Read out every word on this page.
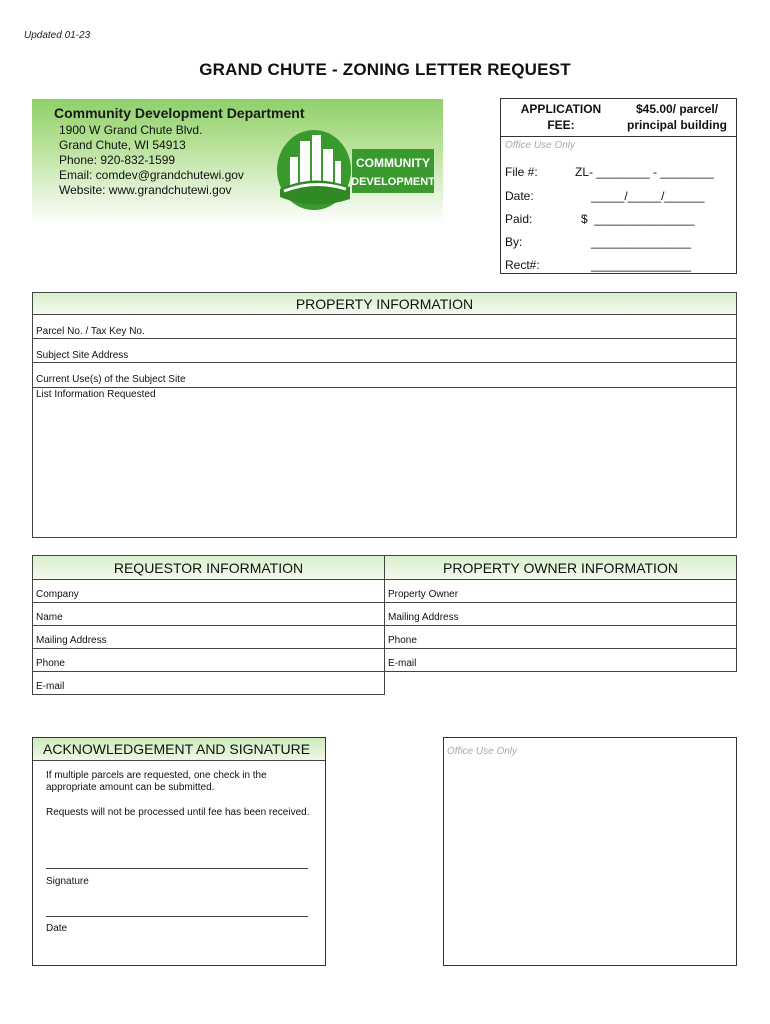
Updated 01-23
GRAND CHUTE - ZONING LETTER REQUEST
Community Development Department
1900 W Grand Chute Blvd.
Grand Chute, WI 54913
Phone: 920-832-1599
Email: comdev@grandchutewi.gov
Website: www.grandchutewi.gov
COMMUNITY
DEVELOPMENT
APPLICATION
FEE:
$45.00/ parcel/
principal building
Office Use Only
File #:	ZL- ________ - ________
Date:	_____/_____/______
Paid:	$  _______________
By:	_______________
Rect#:	_______________
PROPERTY INFORMATION
Parcel No. / Tax Key No.
Subject Site Address
Current Use(s) of the Subject Site
List Information Requested
REQUESTOR INFORMATION
Company
Name
Mailing Address
Phone
E-mail
PROPERTY OWNER INFORMATION
Property Owner
Mailing Address
Phone
E-mail
ACKNOWLEDGEMENT AND SIGNATURE
If multiple parcels are requested, one check in the
appropriate amount can be submitted.
Requests will not be processed until fee has been received.
Signature
Date
Office Use Only
